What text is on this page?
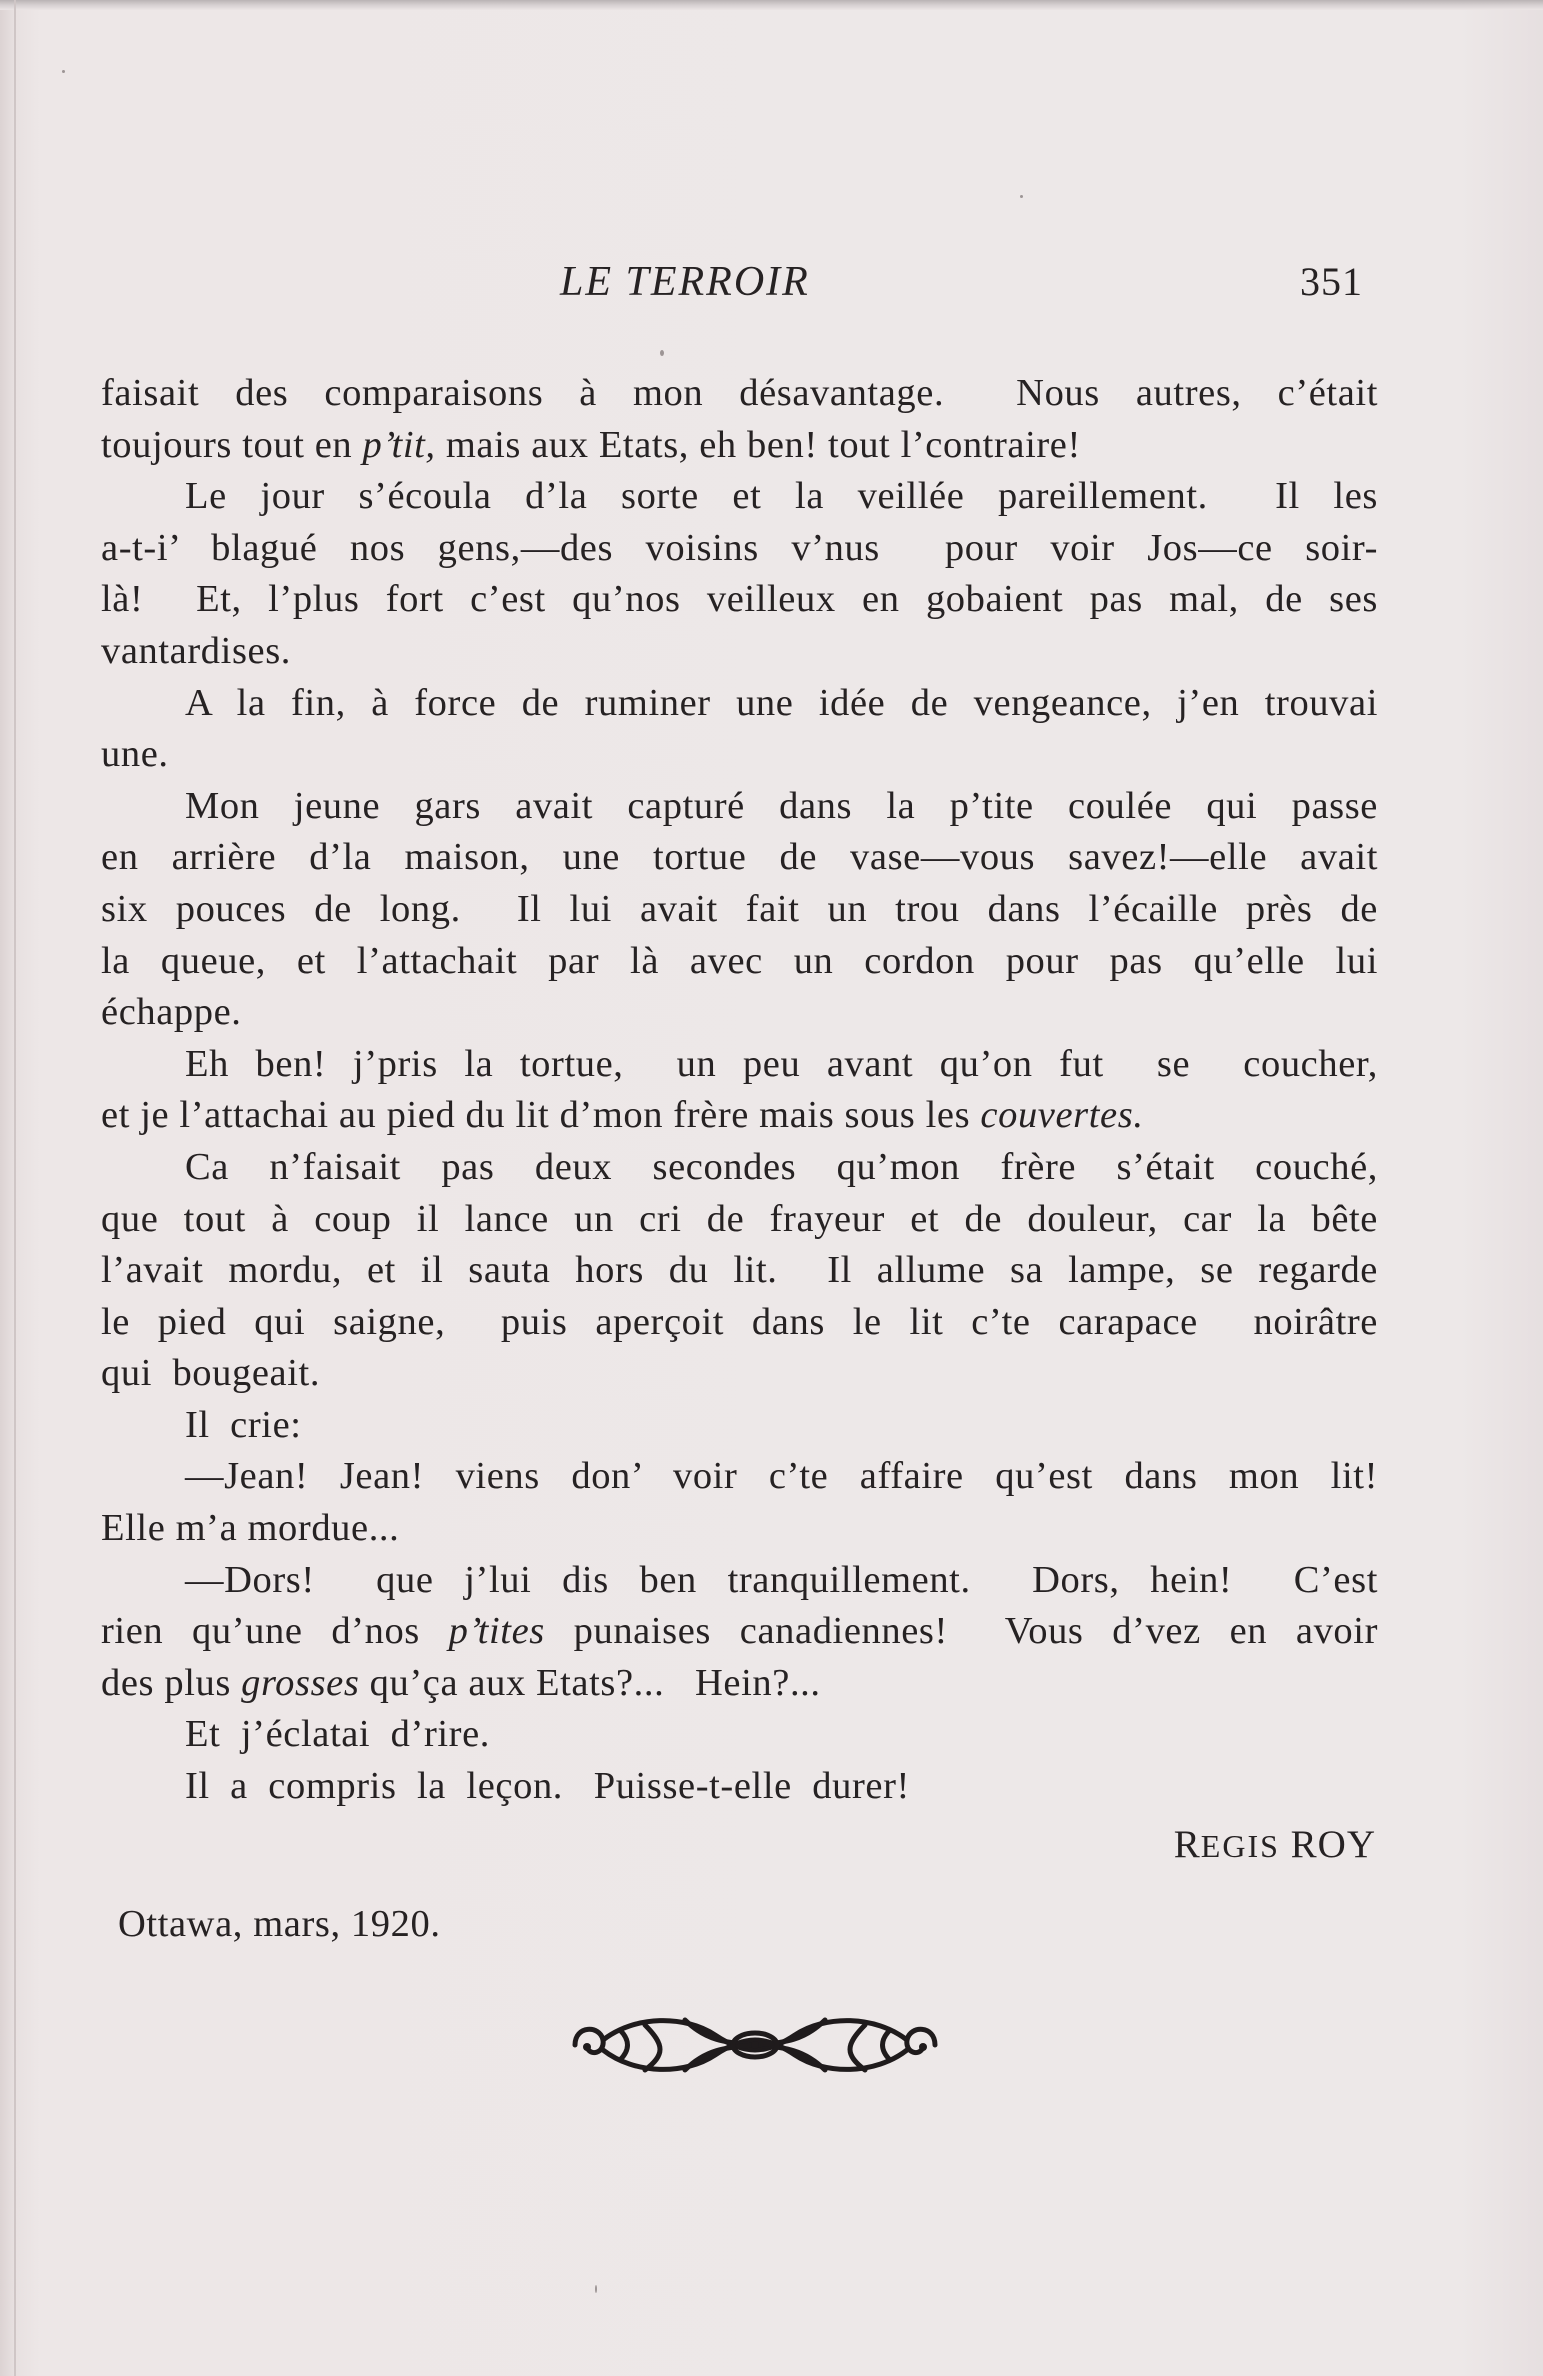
LE TERROIR	351
faisait des comparaisons à mon désavantage.  Nous autres, c’était
toujours tout en p’tit, mais aux Etats, eh ben! tout l’contraire!
Le jour s’écoula d’la sorte et la veillée pareillement.  Il les
a-t-i’ blagué nos gens,—des voisins v’nus  pour voir Jos—ce soir-
là!  Et, l’plus fort c’est qu’nos veilleux en gobaient pas mal, de ses
vantardises.
A la fin, à force de ruminer une idée de vengeance, j’en trouvai
une.
Mon jeune gars avait capturé dans la p’tite coulée qui passe
en arrière d’la maison, une tortue de vase—vous savez!—elle avait
six pouces de long.  Il lui avait fait un trou dans l’écaille près de
la queue, et l’attachait par là avec un cordon pour pas qu’elle lui
échappe.
Eh ben! j’pris la tortue,  un peu avant qu’on fut  se  coucher,
et je l’attachai au pied du lit d’mon frère mais sous les couvertes.
Ca n’faisait pas deux secondes qu’mon frère s’était couché,
que tout à coup il lance un cri de frayeur et de douleur, car la bête
l’avait mordu, et il sauta hors du lit.  Il allume sa lampe, se regarde
le pied qui saigne,  puis aperçoit dans le lit c’te carapace  noirâtre
qui  bougeait.
Il  crie:
—Jean! Jean! viens don’ voir c’te affaire qu’est dans mon lit!
Elle m’a mordue...
—Dors!  que j’lui dis ben tranquillement.  Dors, hein!  C’est
rien qu’une d’nos p’tites punaises canadiennes!  Vous d’vez en avoir
des plus grosses qu’ça aux Etats?...   Hein?...
Et  j’éclatai  d’rire.
Il  a  compris  la  leçon.   Puisse-t-elle  durer!
REGIS ROY
Ottawa, mars, 1920.
